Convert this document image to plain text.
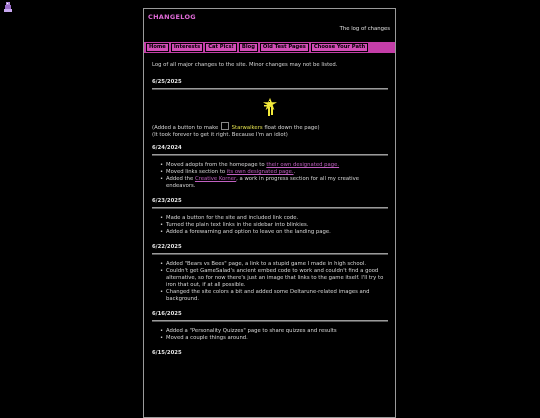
CHANGELOG
The log of changes
Home	Interests	Cat Pics!	Blog	Old Test Pages	Choose Your Path
Log of all major changes to the site. Minor changes may not be listed.
6/25/2025
(Added a button to make	Starwalkers float down the page)
(It took forever to get it right. Because I'm an idiot)
6/24/2024
• Moved adopts from the homepage to their own designated page.
• Moved links section to its own designated page..
• Added the Creative Korner, a work in progress section for all my creative endeavors.
6/23/2025
• Made a button for the site and included link code.
• Turned the plain text links in the sidebar into blinkies.
• Added a forewarning and option to leave on the landing page.
6/22/2025
• Added "Bears vs Bees" page, a link to a stupid game I made in high school.
• Couldn't get GameSalad's ancient embed code to work and couldn't find a good alternative, so for now there's just an image that links to the game itself. I'll try to iron that out, if at all possible.
• Changed the site colors a bit and added some Deltarune-related images and background.
6/16/2025
• Added a "Personality Quizzes" page to share quizzes and results
• Moved a couple things around.
6/15/2025
